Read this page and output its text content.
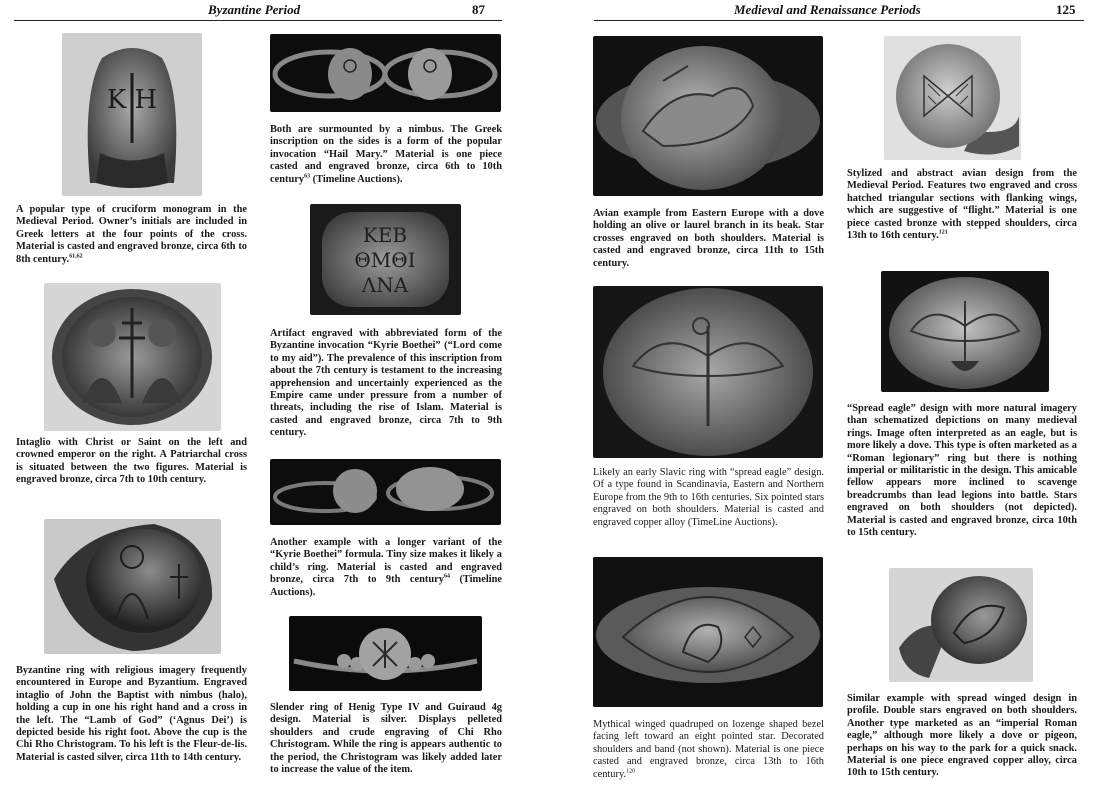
Byzantine Period	87	Medieval and Renaissance Periods	125
K H
A popular type of cruciform monogram in the Medieval Period. Owner’s initials are included in Greek letters at the four points of the cross. Material is casted and engraved bronze, circa 6th to 8th century.$^{61,62}$
Intaglio with Christ or Saint on the left and crowned emperor on the right. A Patriarchal cross is situated between the two figures. Material is engraved bronze, circa 7th to 10th century.
Byzantine ring with religious imagery frequently encountered in Europe and Byzantium. Engraved intaglio of John the Baptist with nimbus (halo), holding a cup in one his right hand and a cross in the left. The “Lamb of God” (‘Agnus Dei’) is depicted beside his right foot. Above the cup is the Chi Rho Christogram. To his left is the Fleur-de-lis. Material is casted silver, circa 11th to 14th century.
Both are surmounted by a nimbus. The Greek inscription on the sides is a form of the popular invocation “Hail Mary.” Material is one piece casted and engraved bronze, circa 6th to 10th century$^{63}$ (Timeline Auctions).
KEB
ΘΜΘΙ
ΛΝΑ
Artifact engraved with abbreviated form of the Byzantine invocation “Kyrie Boethei” (“Lord come to my aid”). The prevalence of this inscription from about the 7th century is testament to the increasing apprehension and uncertainly experienced as the Empire came under pressure from a number of threats, including the rise of Islam. Material is casted and engraved bronze, circa 7th to 9th century.
Another example with a longer variant of the “Kyrie Boethei” formula. Tiny size makes it likely a child’s ring. Material is casted and engraved bronze, circa 7th to 9th century$^{64}$ (Timeline Auctions).
Slender ring of Henig Type IV and Guiraud 4g design. Material is silver. Displays pelleted shoulders and crude engraving of Chi Rho Christogram. While the ring is appears authentic to the period, the Christogram was likely added later to increase the value of the item.
Avian example from Eastern Europe with a dove holding an olive or laurel branch in its beak. Star crosses engraved on both shoulders. Material is casted and engraved bronze, circa 11th to 15th century.
Likely an early Slavic ring with “spread eagle” design. Of a type found in Scandinavia, Eastern and Northern Europe from the 9th to 16th centuries. Six pointed stars engraved on both shoulders. Material is casted and engraved copper alloy (TimeLine Auctions).
Mythical winged quadruped on lozenge shaped bezel facing left toward an eight pointed star. Decorated shoulders and band (not shown). Material is one piece casted and engraved bronze, circa 13th to 16th century.$^{120}$
Stylized and abstract avian design from the Medieval Period. Features two engraved and cross hatched triangular sections with flanking wings, which are suggestive of “flight.” Material is one piece casted bronze with stepped shoulders, circa 13th to 16th century.$^{121}$
“Spread eagle” design with more natural imagery than schematized depictions on many medieval rings. Image often interpreted as an eagle, but is more likely a dove. This type is often marketed as a “Roman legionary” ring but there is nothing imperial or militaristic in the design. This amicable fellow appears more inclined to scavenge breadcrumbs than lead legions into battle. Stars engraved on both shoulders (not depicted). Material is casted and engraved bronze, circa 10th to 15th century.
Similar example with spread winged design in profile. Double stars engraved on both shoulders. Another type marketed as an “imperial Roman eagle,” although more likely a dove or pigeon, perhaps on his way to the park for a quick snack. Material is one piece engraved copper alloy, circa 10th to 15th century.
